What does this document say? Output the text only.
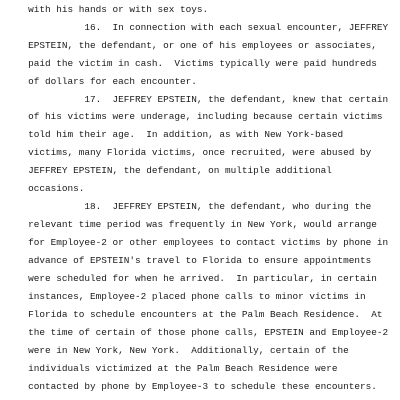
with his hands or with sex toys.
16.  In connection with each sexual encounter, JEFFREY
EPSTEIN, the defendant, or one of his employees or associates,
paid the victim in cash.  Victims typically were paid hundreds
of dollars for each encounter.
17.  JEFFREY EPSTEIN, the defendant, knew that certain
of his victims were underage, including because certain victims
told him their age.  In addition, as with New York-based
victims, many Florida victims, once recruited, were abused by
JEFFREY EPSTEIN, the defendant, on multiple additional
occasions.
18.  JEFFREY EPSTEIN, the defendant, who during the
relevant time period was frequently in New York, would arrange
for Employee-2 or other employees to contact victims by phone in
advance of EPSTEIN's travel to Florida to ensure appointments
were scheduled for when he arrived.  In particular, in certain
instances, Employee-2 placed phone calls to minor victims in
Florida to schedule encounters at the Palm Beach Residence.  At
the time of certain of those phone calls, EPSTEIN and Employee-2
were in New York, New York.  Additionally, certain of the
individuals victimized at the Palm Beach Residence were
contacted by phone by Employee-3 to schedule these encounters.
